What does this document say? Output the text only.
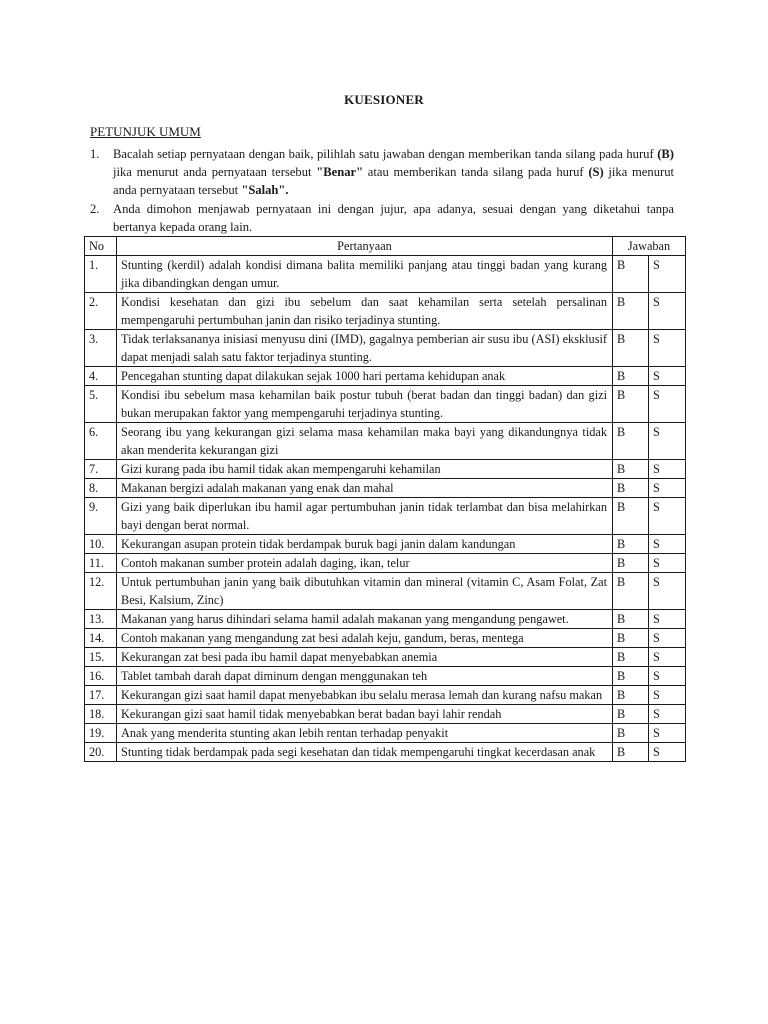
KUESIONER
PETUNJUK UMUM
1. Bacalah setiap pernyataan dengan baik, pilihlah satu jawaban dengan memberikan tanda silang pada huruf (B) jika menurut anda pernyataan tersebut "Benar" atau memberikan tanda silang pada huruf (S) jika menurut anda pernyataan tersebut "Salah".
2. Anda dimohon menjawab pernyataan ini dengan jujur, apa adanya, sesuai dengan yang diketahui tanpa bertanya kepada orang lain.
No	Pertanyaan	Jawaban	
1.	Stunting (kerdil) adalah kondisi dimana balita memiliki panjang atau tinggi badan yang kurang jika dibandingkan dengan umur.	B	S
2.	Kondisi kesehatan dan gizi ibu sebelum dan saat kehamilan serta setelah persalinan mempengaruhi pertumbuhan janin dan risiko terjadinya stunting.	B	S
3.	Tidak terlaksananya inisiasi menyusu dini (IMD), gagalnya pemberian air susu ibu (ASI) eksklusif dapat menjadi salah satu faktor terjadinya stunting.	B	S
4.	Pencegahan stunting dapat dilakukan sejak 1000 hari pertama kehidupan anak	B	S
5.	Kondisi ibu sebelum masa kehamilan baik postur tubuh (berat badan dan tinggi badan) dan gizi bukan merupakan faktor yang mempengaruhi terjadinya stunting.	B	S
6.	Seorang ibu yang kekurangan gizi selama masa kehamilan maka bayi yang dikandungnya tidak akan menderita kekurangan gizi	B	S
7.	Gizi kurang pada ibu hamil tidak akan mempengaruhi kehamilan	B	S
8.	Makanan bergizi adalah makanan yang enak dan mahal	B	S
9.	Gizi yang baik diperlukan ibu hamil agar pertumbuhan janin tidak terlambat dan bisa melahirkan bayi dengan berat normal.	B	S
10.	Kekurangan asupan protein tidak berdampak buruk bagi janin dalam kandungan	B	S
11.	Contoh makanan sumber protein adalah daging, ikan, telur	B	S
12.	Untuk pertumbuhan janin yang baik dibutuhkan vitamin dan mineral (vitamin C, Asam Folat, Zat Besi, Kalsium, Zinc)	B	S
13.	Makanan yang harus dihindari selama hamil adalah makanan yang mengandung pengawet.	B	S
14.	Contoh makanan yang mengandung zat besi adalah keju, gandum, beras, mentega	B	S
15.	Kekurangan zat besi pada ibu hamil dapat menyebabkan anemia	B	S
16.	Tablet tambah darah dapat diminum dengan menggunakan teh	B	S
17.	Kekurangan gizi saat hamil dapat menyebabkan ibu selalu merasa lemah dan kurang nafsu makan	B	S
18.	Kekurangan gizi saat hamil tidak menyebabkan berat badan bayi lahir rendah	B	S
19.	Anak yang menderita stunting akan lebih rentan terhadap penyakit	B	S
20.	Stunting tidak berdampak pada segi kesehatan dan tidak mempengaruhi tingkat kecerdasan anak	B	S
